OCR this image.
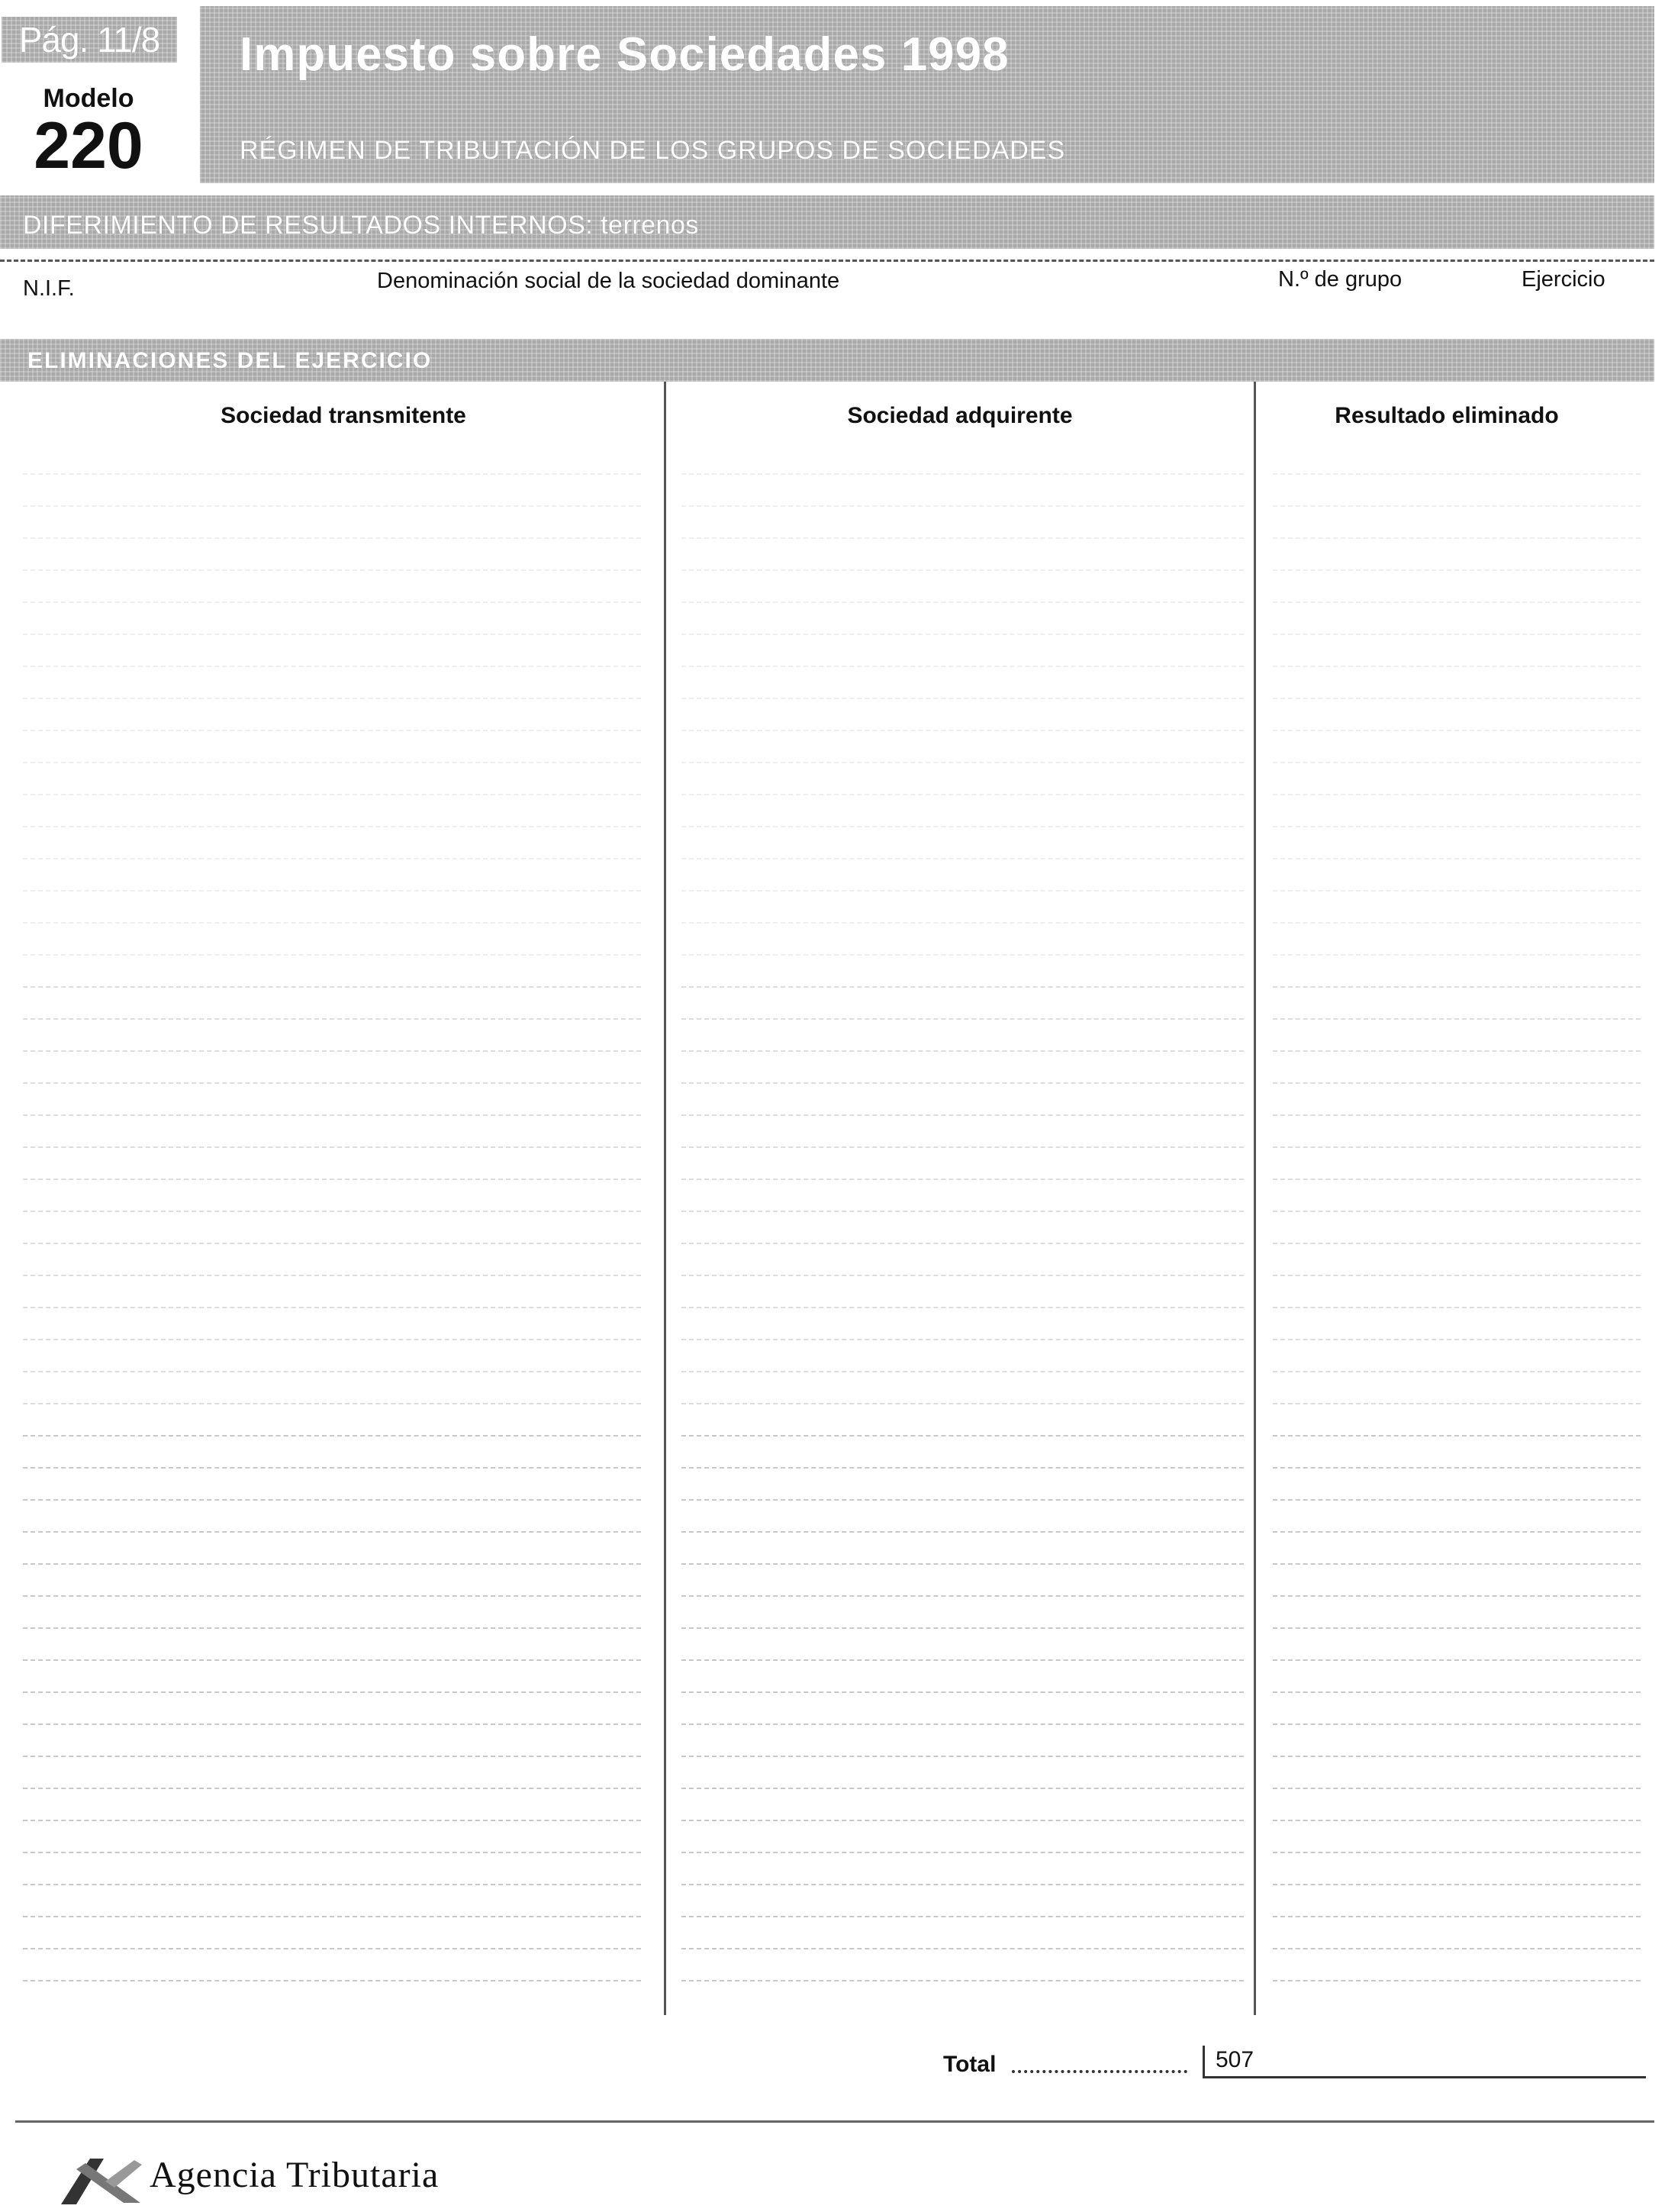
Pág. 11/8
Modelo
220
Impuesto sobre Sociedades 1998
RÉGIMEN DE TRIBUTACIÓN DE LOS GRUPOS DE SOCIEDADES
DIFERIMIENTO DE RESULTADOS INTERNOS: terrenos
N.I.F.	Denominación social de la sociedad dominante	N.º de grupo	Ejercicio
ELIMINACIONES DEL EJERCICIO
Sociedad transmitente	Sociedad adquirente	Resultado eliminado
Total	507
Agencia Tributaria
